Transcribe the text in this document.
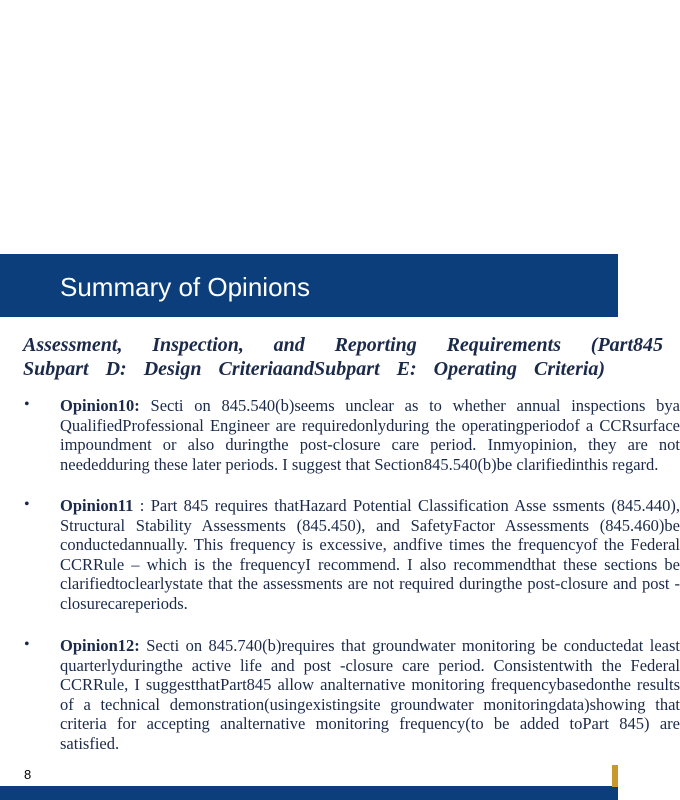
Summary of Opinions
Assessment, Inspection, and Reporting Requirements (Part845
Subpart D: Design CriteriaandSubpart E: Operating Criteria)
• Opinion10: Secti on 845.540(b)seems unclear as to whether annual inspections bya QualifiedProfessional Engineer are requiredonlyduring the operatingperiodof a CCRsurface impoundment or also duringthe post-closure care period. Inmyopinion, they are not neededduring these later periods. I suggest that Section845.540(b)be clarifiedinthis regard.
• Opinion11 : Part 845 requires thatHazard Potential Classification Asse ssments (845.440), Structural Stability Assessments (845.450), and SafetyFactor Assessments (845.460)be conductedannually. This frequency is excessive, andfive times the frequencyof the Federal CCRRule – which is the frequencyI recommend. I also recommendthat these sections be clarifiedtoclearlystate that the assessments are not required duringthe post-closure and post -closurecareperiods.
• Opinion12: Secti on 845.740(b)requires that groundwater monitoring be conductedat least quarterlyduringthe active life and post -closure care period. Consistentwith the Federal CCRRule, I suggestthatPart845 allow analternative monitoring frequencybasedonthe results of a technical demonstration(usingexistingsite groundwater monitoringdata)showing that criteria for accepting analternative monitoring frequency(to be added toPart 845) are satisfied.
8
